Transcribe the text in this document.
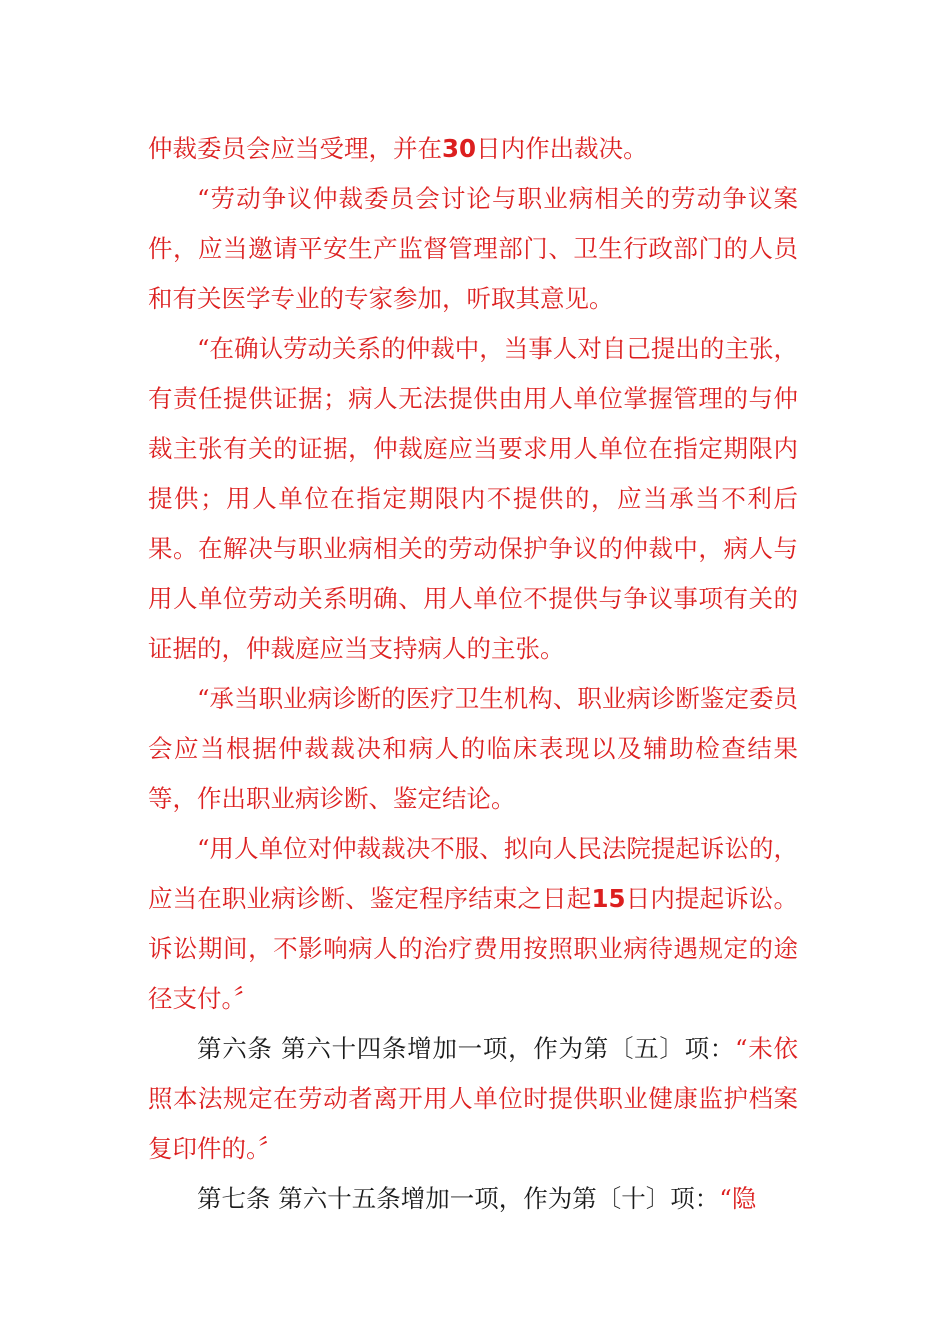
仲裁委员会应当受理，并在30日内作出裁决。

“劳动争议仲裁委员会讨论与职业病相关的劳动争议案件，应当邀请平安生产监督管理部门、卫生行政部门的人员和有关医学专业的专家参加，听取其意见。

“在确认劳动关系的仲裁中，当事人对自己提出的主张，有责任提供证据；病人无法提供由用人单位掌握管理的与仲裁主张有关的证据，仲裁庭应当要求用人单位在指定期限内提供；用人单位在指定期限内不提供的，应当承当不利后果。在解决与职业病相关的劳动保护争议的仲裁中，病人与用人单位劳动关系明确、用人单位不提供与争议事项有关的证据的，仲裁庭应当支持病人的主张。

“承当职业病诊断的医疗卫生机构、职业病诊断鉴定委员会应当根据仲裁裁决和病人的临床表现以及辅助检查结果等，作出职业病诊断、鉴定结论。

“用人单位对仲裁裁决不服、拟向人民法院提起诉讼的，应当在职业病诊断、鉴定程序结束之日起15日内提起诉讼。诉讼期间，不影响病人的治疗费用按照职业病待遇规定的途径支付。〞

第六条 第六十四条增加一项，作为第〔五〕项：“未依照本法规定在劳动者离开用人单位时提供职业健康监护档案复印件的。〞

第七条 第六十五条增加一项，作为第〔十〕项：“隐
